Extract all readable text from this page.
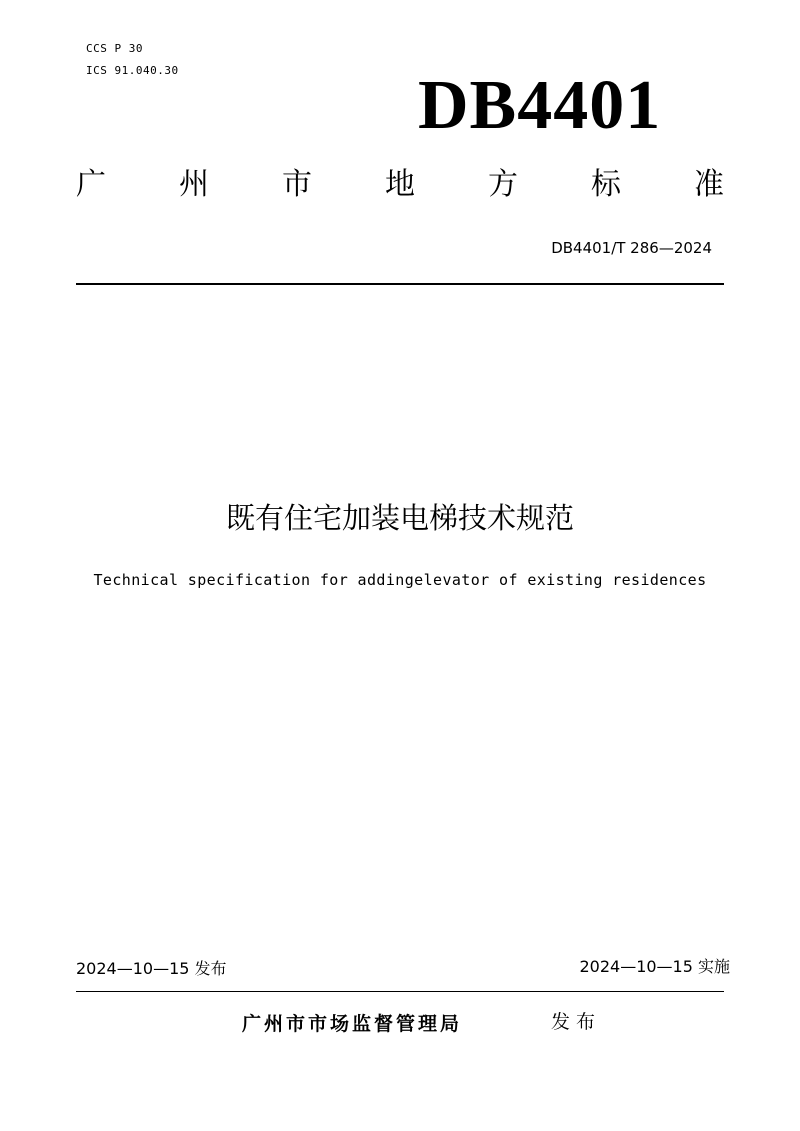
CCS P 30
ICS 91.040.30	DB4401
广 州 市 地 方 标 准
DB4401/T 286—2024
既有住宅加装电梯技术规范
Technical specification for addingelevator of existing residences
2024—10—15 发布	2024—10—15 实施
广州市市场监督管理局	发布
